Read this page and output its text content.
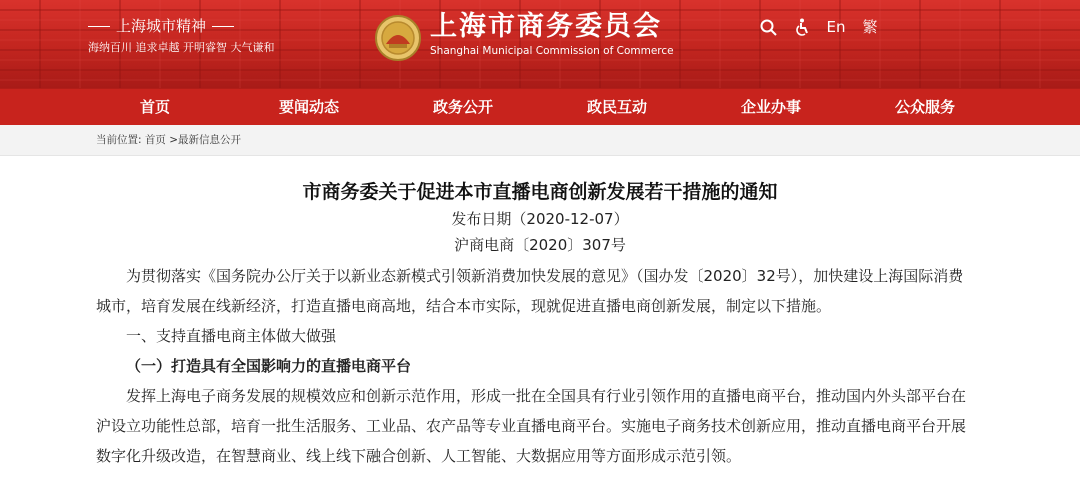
上海城市精神
海纳百川 追求卓越 开明睿智 大气谦和
上海市商务委员会
Shanghai Municipal Commission of Commerce
En 繁
首页	要闻动态	政务公开	政民互动	企业办事	公众服务
当前位置: 首页 >最新信息公开
市商务委关于促进本市直播电商创新发展若干措施的通知
发布日期（2020-12-07）
沪商电商〔2020〕307号

为贯彻落实《国务院办公厅关于以新业态新模式引领新消费加快发展的意见》（国办发〔2020〕32号），加快建设上海国际消费城市，培育发展在线新经济，打造直播电商高地，结合本市实际，现就促进直播电商创新发展，制定以下措施。

一、支持直播电商主体做大做强

（一）打造具有全国影响力的直播电商平台

发挥上海电子商务发展的规模效应和创新示范作用，形成一批在全国具有行业引领作用的直播电商平台，推动国内外头部平台在沪设立功能性总部，培育一批生活服务、工业品、农产品等专业直播电商平台。实施电子商务技术创新应用，推动直播电商平台开展数字化升级改造，在智慧商业、线上线下融合创新、人工智能、大数据应用等方面形成示范引领。
